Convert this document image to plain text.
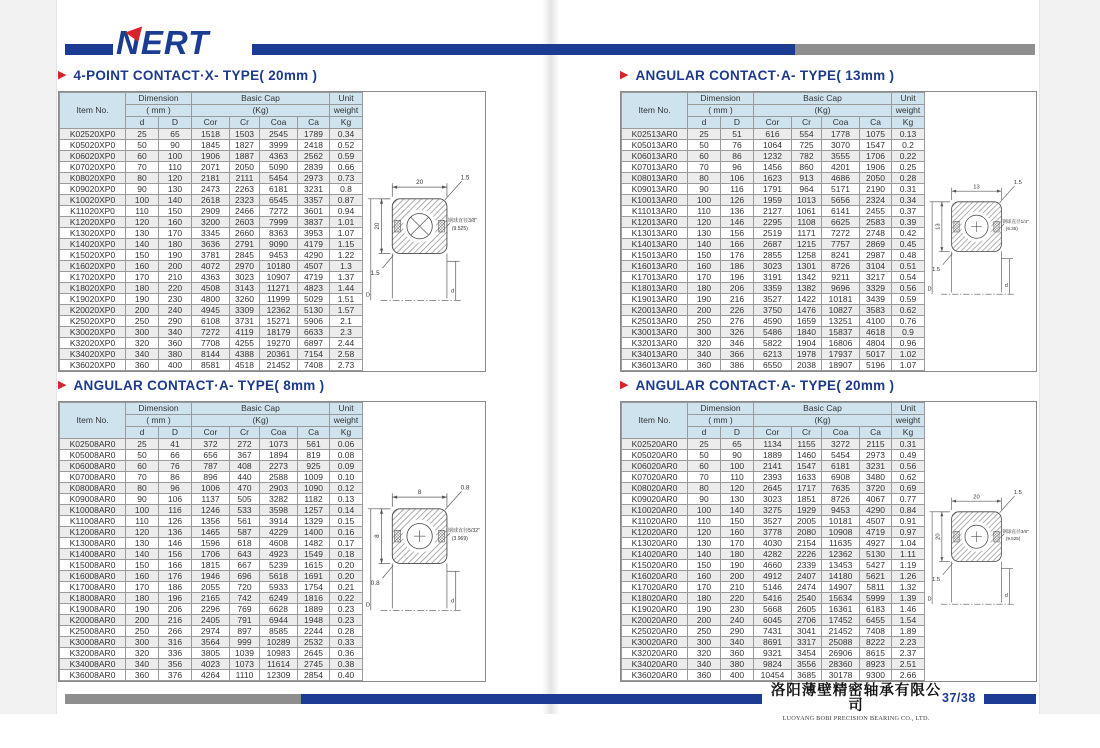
NERT
▶ 4-POINT CONTACT·X- TYPE( 20mm )
Item No.	Dimension		Basic Cap				Unit
	( mm )		(Kg)				weight
	d	D	Cor	Cr	Coa	Ca	Kg
K02520XP0	25	65	1518	1503	2545	1789	0.34
K05020XP0	50	90	1845	1827	3999	2418	0.52
K06020XP0	60	100	1906	1887	4363	2562	0.59
K07020XP0	70	110	2071	2050	5090	2839	0.66
K08020XP0	80	120	2181	2111	5454	2973	0.73
K09020XP0	90	130	2473	2263	6181	3231	0.8
K10020XP0	100	140	2618	2323	6545	3357	0.87
K11020XP0	110	150	2909	2466	7272	3601	0.94
K12020XP0	120	160	3200	2603	7999	3837	1.01
K13020XP0	130	170	3345	2660	8363	3953	1.07
K14020XP0	140	180	3636	2791	9090	4179	1.15
K15020XP0	150	190	3781	2845	9453	4290	1.22
K16020XP0	160	200	4072	2970	10180	4507	1.3
K17020XP0	170	210	4363	3023	10907	4719	1.37
K18020XP0	180	220	4508	3143	11271	4823	1.44
K19020XP0	190	230	4800	3260	11999	5029	1.51
K20020XP0	200	240	4945	3309	12362	5130	1.57
K25020XP0	250	290	6108	3731	15271	5906	2.1
K30020XP0	300	340	7272	4119	18179	6633	2.3
K32020XP0	320	360	7708	4255	19270	6897	2.44
K34020XP0	340	380	8144	4388	20361	7154	2.58
K36020XP0	360	400	8581	4518	21452	7408	2.73
20
1.5
20
D
1.5
d
钢球直径3/8"
(9.525)
▶ ANGULAR CONTACT·A- TYPE( 13mm )
Item No.	Dimension		Basic Cap				Unit
	( mm )		(Kg)				weight
	d	D	Cor	Cr	Coa	Ca	Kg
K02513AR0	25	51	616	554	1778	1075	0.13
K05013AR0	50	76	1064	725	3070	1547	0.2
K06013AR0	60	86	1232	782	3555	1706	0.22
K07013AR0	70	96	1456	860	4201	1906	0.25
K08013AR0	80	106	1623	913	4686	2050	0.28
K09013AR0	90	116	1791	964	5171	2190	0.31
K10013AR0	100	126	1959	1013	5656	2324	0.34
K11013AR0	110	136	2127	1061	6141	2455	0.37
K12013AR0	120	146	2295	1108	6625	2583	0.39
K13013AR0	130	156	2519	1171	7272	2748	0.42
K14013AR0	140	166	2687	1215	7757	2869	0.45
K15013AR0	150	176	2855	1258	8241	2987	0.48
K16013AR0	160	186	3023	1301	8726	3104	0.51
K17013AR0	170	196	3191	1342	9211	3217	0.54
K18013AR0	180	206	3359	1382	9696	3329	0.56
K19013AR0	190	216	3527	1422	10181	3439	0.59
K20013AR0	200	226	3750	1476	10827	3583	0.62
K25013AR0	250	276	4590	1659	13251	4100	0.76
K30013AR0	300	326	5486	1840	15837	4618	0.9
K32013AR0	320	346	5822	1904	16806	4804	0.96
K34013AR0	340	366	6213	1978	17937	5017	1.02
K36013AR0	360	386	6550	2038	18907	5196	1.07
13
1.5
13
D
1.5
d
钢球直径1/4"
(6.35)
▶ ANGULAR CONTACT·A- TYPE( 8mm )
Item No.	Dimension		Basic Cap				Unit
	( mm )		(Kg)				weight
	d	D	Cor	Cr	Coa	Ca	Kg
K02508AR0	25	41	372	272	1073	561	0.06
K05008AR0	50	66	656	367	1894	819	0.08
K06008AR0	60	76	787	408	2273	925	0.09
K07008AR0	70	86	896	440	2588	1009	0.10
K08008AR0	80	96	1006	470	2903	1090	0.12
K09008AR0	90	106	1137	505	3282	1182	0.13
K10008AR0	100	116	1246	533	3598	1257	0.14
K11008AR0	110	126	1356	561	3914	1329	0.15
K12008AR0	120	136	1465	587	4229	1400	0.16
K13008AR0	130	146	1596	618	4608	1482	0.17
K14008AR0	140	156	1706	643	4923	1549	0.18
K15008AR0	150	166	1815	667	5239	1615	0.20
K16008AR0	160	176	1946	696	5618	1691	0.20
K17008AR0	170	186	2055	720	5933	1754	0.21
K18008AR0	180	196	2165	742	6249	1816	0.22
K19008AR0	190	206	2296	769	6628	1889	0.23
K20008AR0	200	216	2405	791	6944	1948	0.23
K25008AR0	250	266	2974	897	8585	2244	0.28
K30008AR0	300	316	3564	999	10289	2532	0.33
K32008AR0	320	336	3805	1039	10983	2645	0.36
K34008AR0	340	356	4023	1073	11614	2745	0.38
K36008AR0	360	376	4264	1110	12309	2854	0.40
8
0.8
8
D
0.8
d
钢球直径5/32"
(3.969)
▶ ANGULAR CONTACT·A- TYPE( 20mm )
Item No.	Dimension		Basic Cap				Unit
	( mm )		(Kg)				weight
	d	D	Cor	Cr	Coa	Ca	Kg
K02520AR0	25	65	1134	1155	3272	2115	0.31
K05020AR0	50	90	1889	1460	5454	2973	0.49
K06020AR0	60	100	2141	1547	6181	3231	0.56
K07020AR0	70	110	2393	1633	6908	3480	0.62
K08020AR0	80	120	2645	1717	7635	3720	0.69
K09020AR0	90	130	3023	1851	8726	4067	0.77
K10020AR0	100	140	3275	1929	9453	4290	0.84
K11020AR0	110	150	3527	2005	10181	4507	0.91
K12020AR0	120	160	3778	2080	10908	4719	0.97
K13020AR0	130	170	4030	2154	11635	4927	1.04
K14020AR0	140	180	4282	2226	12362	5130	1.11
K15020AR0	150	190	4660	2339	13453	5427	1.19
K16020AR0	160	200	4912	2407	14180	5621	1.26
K17020AR0	170	210	5146	2474	14907	5811	1.32
K18020AR0	180	220	5416	2540	15634	5999	1.39
K19020AR0	190	230	5668	2605	16361	6183	1.46
K20020AR0	200	240	6045	2706	17452	6455	1.54
K25020AR0	250	290	7431	3041	21452	7408	1.89
K30020AR0	300	340	8691	3317	25088	8222	2.23
K32020AR0	320	360	9321	3454	26906	8615	2.37
K34020AR0	340	380	9824	3556	28360	8923	2.51
K36020AR0	360	400	10454	3685	30178	9300	2.66
20
1.5
20
D
1.5
d
钢球直径3/8"
(9.525)
洛阳薄壁精密轴承有限公司
LUOYANG BOBI PRECISION BEARING CO., LTD.
37/38
